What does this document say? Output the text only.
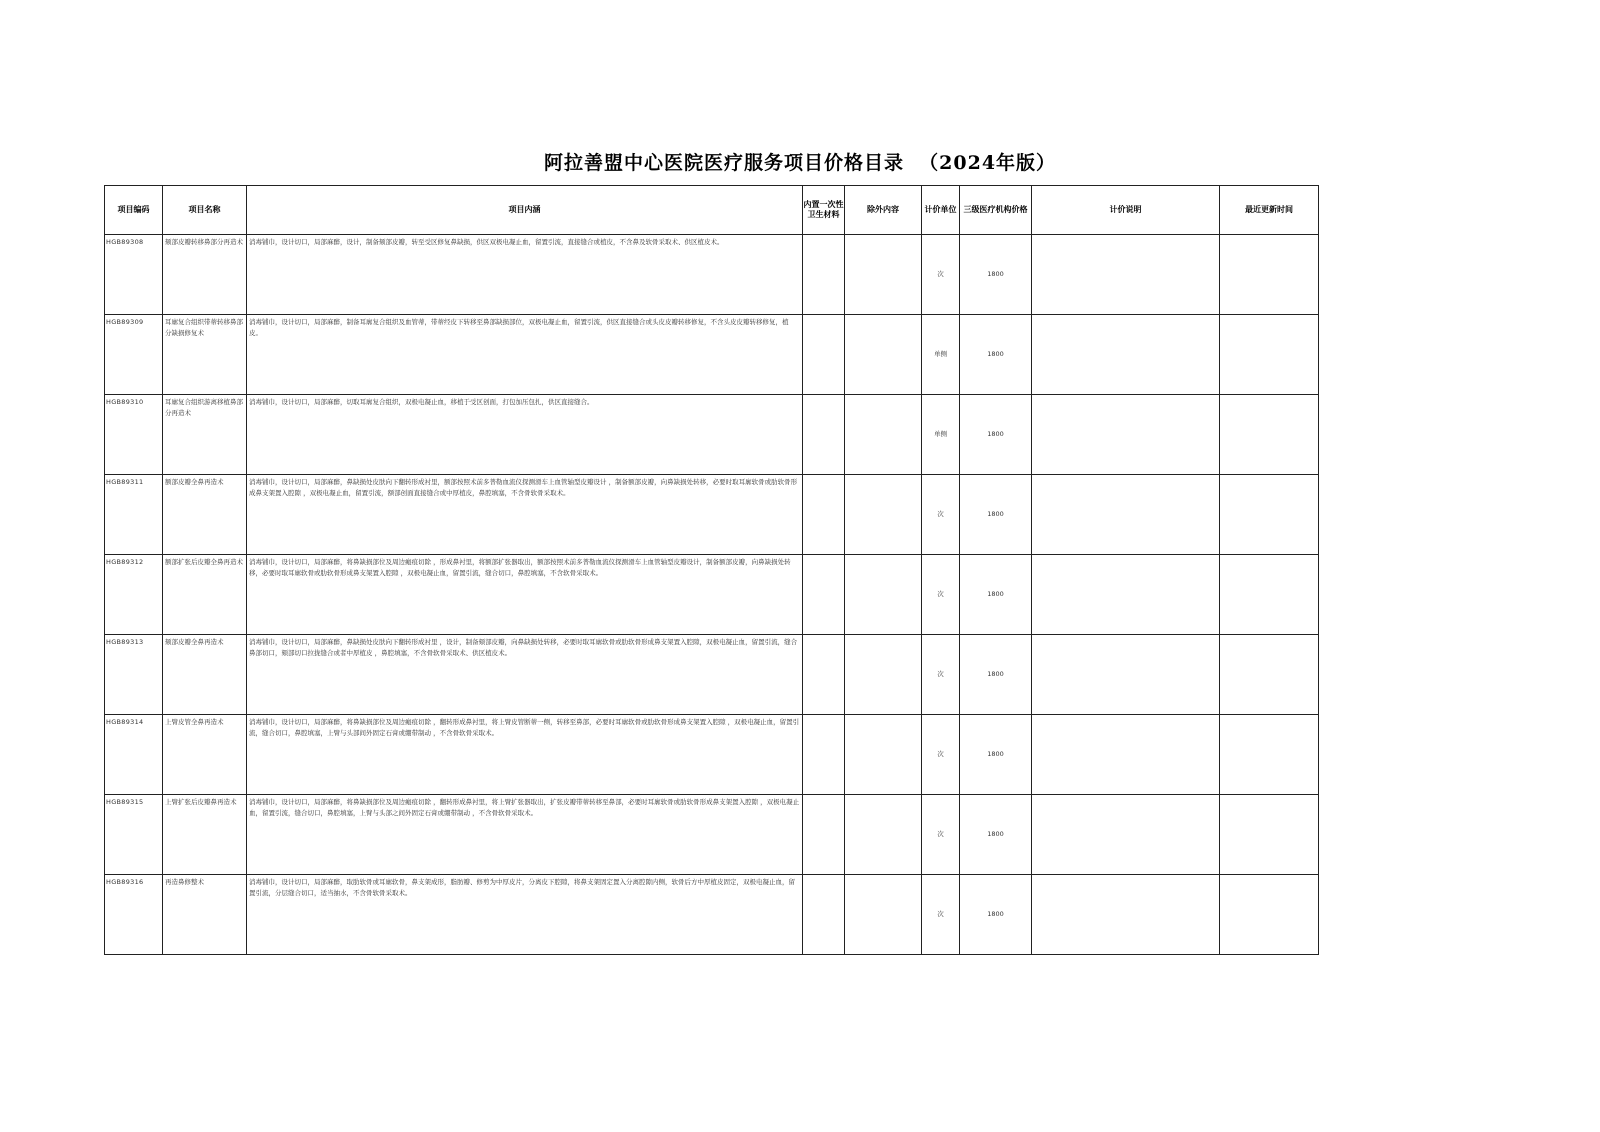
阿拉善盟中心医院医疗服务项目价格目录  （2024年版）
项目编码	项目名称	项目内涵	内置一次性卫生材料	除外内容	计价单位	三级医疗机构价格	计价说明	最近更新时间
HGB89308	颏部皮瓣转移鼻部分再造术	消毒铺巾，设计切口，局部麻醉，设计，制备颏部皮瓣，转至受区修复鼻缺损，供区双极电凝止血，留置引流，直接缝合或植皮，不含鼻及软骨采取术、供区植皮术。			次	1800		
HGB89309	耳廓复合组织带蒂转移鼻部分缺损修复术	消毒铺巾，设计切口，局部麻醉，制备耳廓复合组织及血管蒂，带蒂经皮下转移至鼻部缺损部位，双极电凝止血，留置引流，供区直接缝合或头皮皮瓣转移修复，不含头皮皮瓣转移修复，植皮。			单侧	1800		
HGB89310	耳廓复合组织游离移植鼻部分再造术	消毒铺巾，设计切口，局部麻醉，切取耳廓复合组织，双极电凝止血，移植于受区创面，打包加压包扎，供区直接缝合。			单侧	1800		
HGB89311	额部皮瓣全鼻再造术	消毒铺巾，设计切口，局部麻醉，鼻缺损处皮肤向下翻转形成衬里，额部按照术前多普勒血流仪探测滑车上血管轴型皮瓣设计 ，制备额部皮瓣，向鼻缺损处转移，必要时取耳廓软骨或肋软骨形成鼻支架置入腔隙 ，双极电凝止血，留置引流，额部创面直接缝合或中厚植皮，鼻腔填塞，不含骨软骨采取术。			次	1800		
HGB89312	额部扩张后皮瓣全鼻再造术	消毒铺巾，设计切口，局部麻醉，将鼻缺损部位及周边瘢痕切除 ，形成鼻衬里，将额部扩张器取出，额部按照术前多普勒血流仪探测滑车上血管轴型皮瓣设计，制备额部皮瓣，向鼻缺损处转移，必要时取耳廓软骨或肋软骨形成鼻支架置入腔隙 ，双极电凝止血，留置引流，缝合切口，鼻腔填塞，不含软骨采取术。			次	1800		
HGB89313	颏部皮瓣全鼻再造术	消毒铺巾，设计切口，局部麻醉，鼻缺损处皮肤向下翻转形成衬里 ，设计，制备颏部皮瓣，向鼻缺损处转移，必要时取耳廓软骨或肋软骨形成鼻支架置入腔隙，双极电凝止血，留置引流，缝合鼻部切口，颏部切口拉拢缝合或者中厚植皮 ，鼻腔填塞，不含骨软骨采取术、供区植皮术。			次	1800		
HGB89314	上臂皮管全鼻再造术	消毒铺巾，设计切口，局部麻醉，将鼻缺损部位及周边瘢痕切除 ，翻转形成鼻衬里，将上臂皮管断蒂一侧，转移至鼻部，必要时耳廓软骨或肋软骨形成鼻支架置入腔隙 ，双极电凝止血，留置引流，缝合切口，鼻腔填塞，上臂与头部间外固定石膏或绷带制动 ，不含骨软骨采取术。			次	1800		
HGB89315	上臂扩张后皮瓣鼻再造术	消毒铺巾，设计切口，局部麻醉，将鼻缺损部位及周边瘢痕切除 ，翻转形成鼻衬里，将上臂扩张器取出，扩张皮瓣带蒂转移至鼻部，必要时耳廓软骨或肋软骨形成鼻支架置入腔隙 ，双极电凝止血，留置引流，缝合切口，鼻腔填塞，上臂与头部之间外固定石膏或绷带制动 ，不含骨软骨采取术。			次	1800		
HGB89316	再造鼻修整术	消毒铺巾，设计切口，局部麻醉，取肋软骨或耳廓软骨，鼻支架成形，脂肪瓣、修剪为中厚皮片，分离皮下腔隙，将鼻支架固定置入分离腔隙内侧，软骨后方中厚植皮固定，双极电凝止血，留置引流，分层缝合切口，适当抽水，不含骨软骨采取术。			次	1800		
